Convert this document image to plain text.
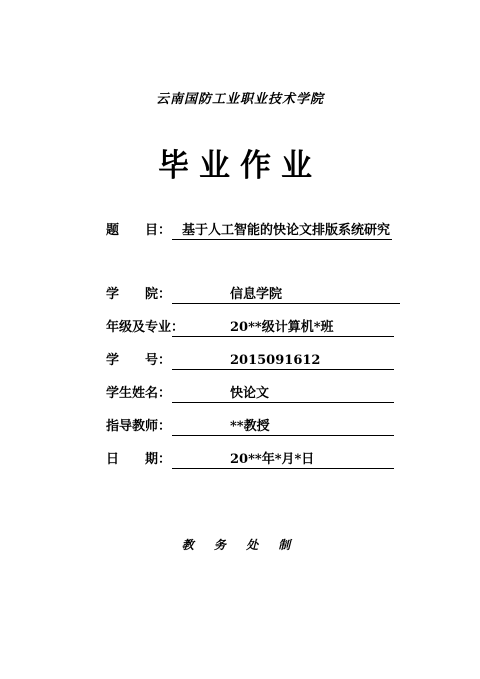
云南国防工业职业技术学院
毕业作业
题　　目： 基于人工智能的快论文排版系统研究
学　　院：	信息学院
年级及专业：	20**级计算机*班
学　　号：	2015091612
学生姓名：	快论文
指导教师：	**教授
日　　期：	20**年*月*日
教 务 处 制
